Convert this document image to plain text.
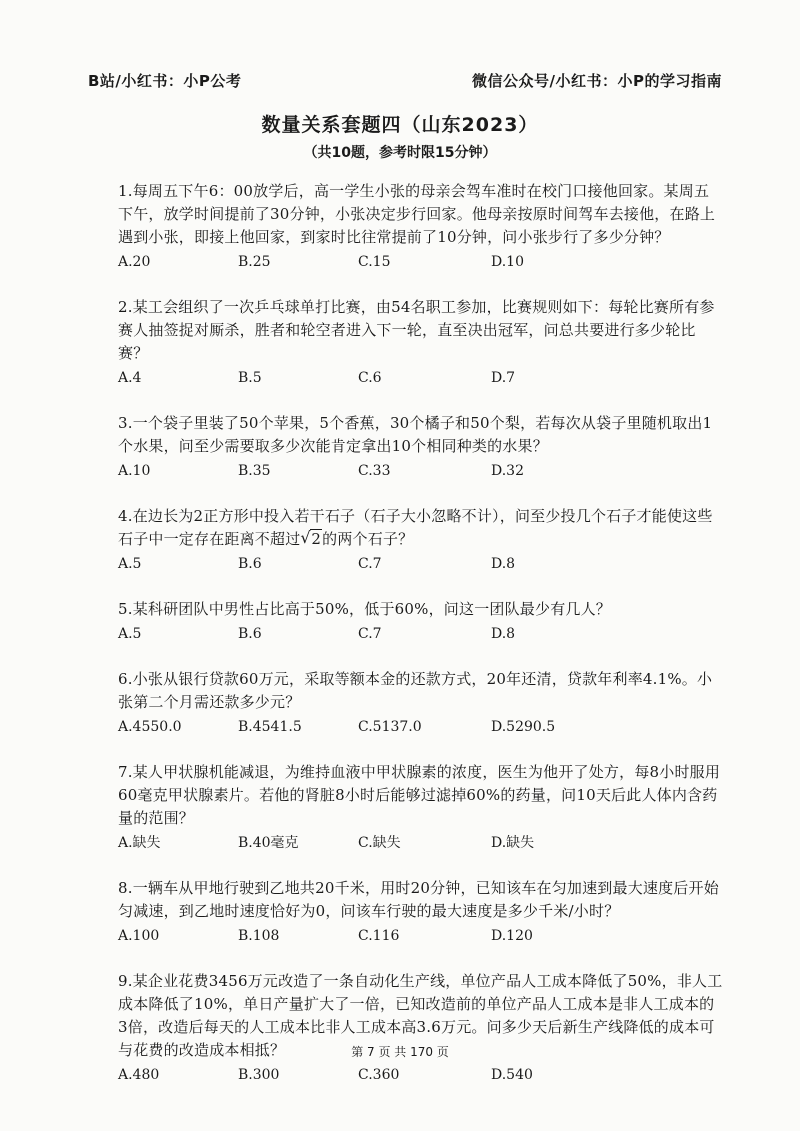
B站/小红书：小P公考	微信公众号/小红书：小P的学习指南
数量关系套题四（山东2023）
（共10题，参考时限15分钟）
1.每周五下午6：00放学后，高一学生小张的母亲会驾车准时在校门口接他回家。某周五下午，放学时间提前了30分钟，小张决定步行回家。他母亲按原时间驾车去接他，在路上遇到小张，即接上他回家，到家时比往常提前了10分钟，问小张步行了多少分钟？
A.20	B.25	C.15	D.10
2.某工会组织了一次乒乓球单打比赛，由54名职工参加，比赛规则如下：每轮比赛所有参赛人抽签捉对厮杀，胜者和轮空者进入下一轮，直至决出冠军，问总共要进行多少轮比赛？
A.4	B.5	C.6	D.7
3.一个袋子里装了50个苹果，5个香蕉，30个橘子和50个梨，若每次从袋子里随机取出1个水果，问至少需要取多少次能肯定拿出10个相同种类的水果？
A.10	B.35	C.33	D.32
4.在边长为2正方形中投入若干石子（石子大小忽略不计），问至少投几个石子才能使这些石子中一定存在距离不超过 √ 2的两个石子？
A.5	B.6	C.7	D.8
5.某科研团队中男性占比高于50%，低于60%，问这一团队最少有几人？
A.5	B.6	C.7	D.8
6.小张从银行贷款60万元，采取等额本金的还款方式，20年还清，贷款年利率4.1%。小张第二个月需还款多少元？
A.4550.0	B.4541.5	C.5137.0	D.5290.5
7.某人甲状腺机能减退，为维持血液中甲状腺素的浓度，医生为他开了处方，每8小时服用60毫克甲状腺素片。若他的肾脏8小时后能够过滤掉60%的药量，问10天后此人体内含药量的范围？
A.缺失	B.40毫克	C.缺失	D.缺失
8.一辆车从甲地行驶到乙地共20千米，用时20分钟，已知该车在匀加速到最大速度后开始匀减速，到乙地时速度恰好为0，问该车行驶的最大速度是多少千米/小时？
A.100	B.108	C.116	D.120
9.某企业花费3456万元改造了一条自动化生产线，单位产品人工成本降低了50%，非人工成本降低了10%，单日产量扩大了一倍，已知改造前的单位产品人工成本是非人工成本的3倍，改造后每天的人工成本比非人工成本高3.6万元。问多少天后新生产线降低的成本可与花费的改造成本相抵？
A.480	B.300	C.360	D.540
第 7 页 共 170 页
